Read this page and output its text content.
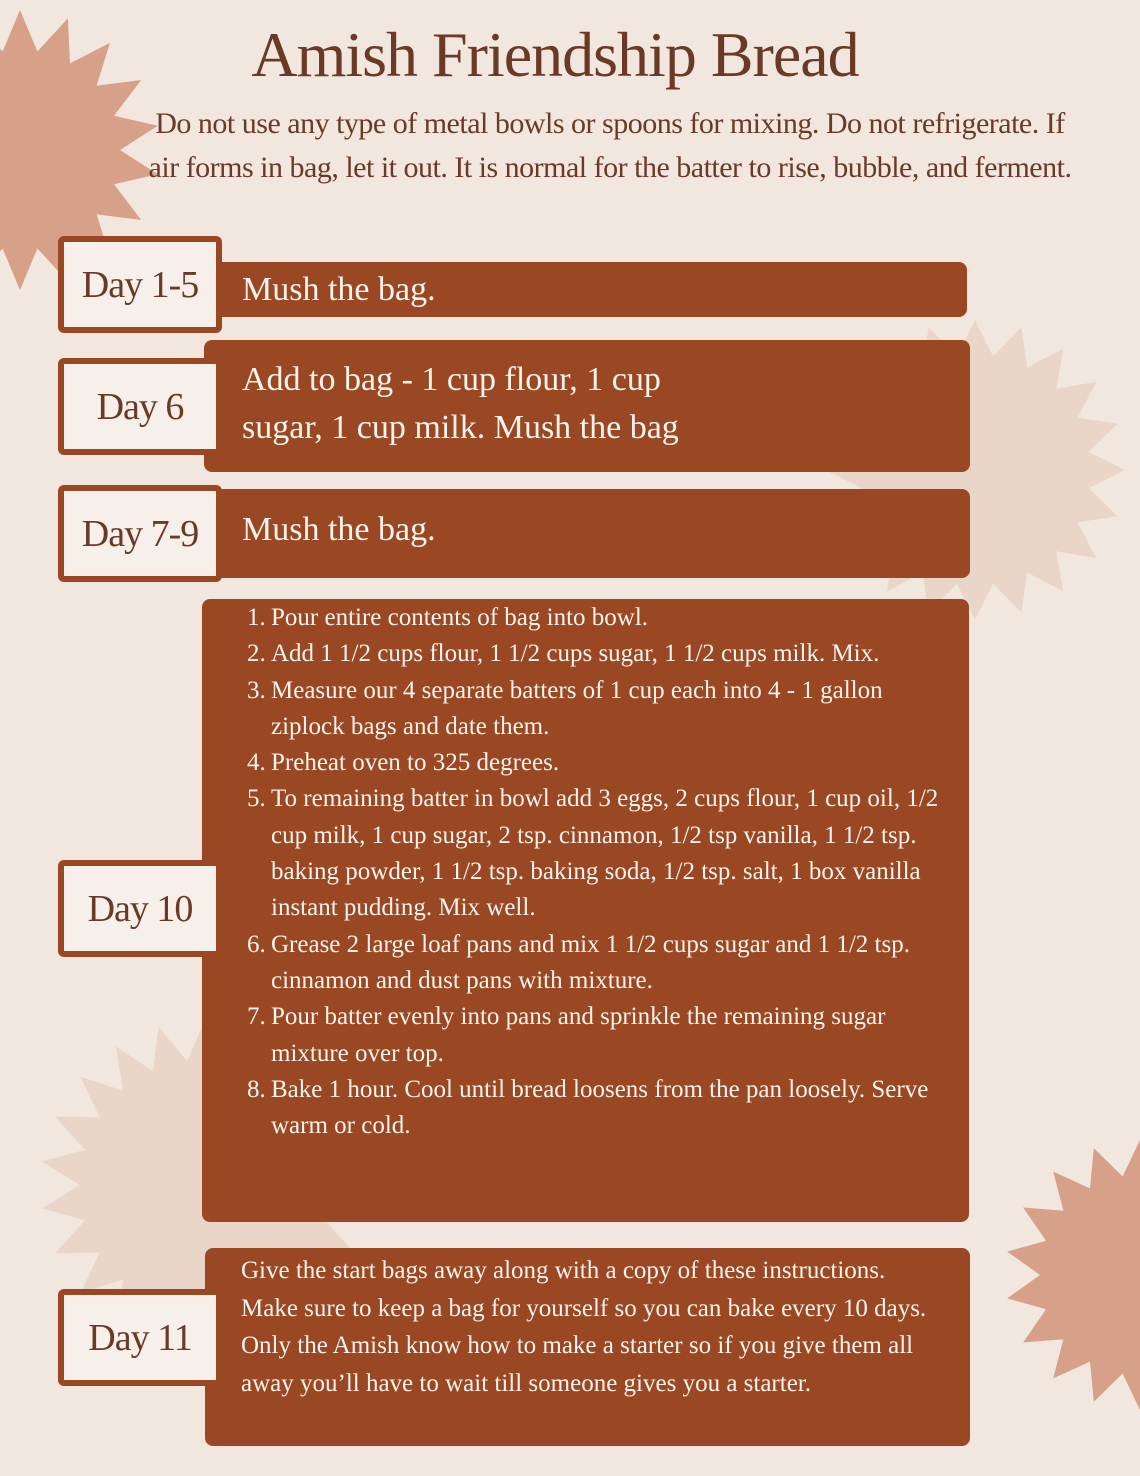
Amish Friendship Bread
Do not use any type of metal bowls or spoons for mixing. Do not refrigerate. If air forms in bag, let it out. It is normal for the batter to rise, bubble, and ferment.
Mush the bag.
Day 1-5
Add to bag - 1 cup flour, 1 cup
sugar, 1 cup milk. Mush the bag
Day 6
Mush the bag.
Day 7-9
1. Pour entire contents of bag into bowl.
2. Add 1 1/2 cups flour, 1 1/2 cups sugar, 1 1/2 cups milk. Mix.
3. Measure our 4 separate batters of 1 cup each into 4 - 1 gallon ziplock bags and date them.
4. Preheat oven to 325 degrees.
5. To remaining batter in bowl add 3 eggs, 2 cups flour, 1 cup oil, 1/2 cup milk, 1 cup sugar, 2 tsp. cinnamon, 1/2 tsp vanilla, 1 1/2 tsp. baking powder, 1 1/2 tsp. baking soda, 1/2 tsp. salt, 1 box vanilla instant pudding. Mix well.
6. Grease 2 large loaf pans and mix 1 1/2 cups sugar and 1 1/2 tsp. cinnamon and dust pans with mixture.
7. Pour batter evenly into pans and sprinkle the remaining sugar mixture over top.
8. Bake 1 hour. Cool until bread loosens from the pan loosely. Serve warm or cold.
Day 10
Give the start bags away along with a copy of these instructions. Make sure to keep a bag for yourself so you can bake every 10 days. Only the Amish know how to make a starter so if you give them all away you’ll have to wait till someone gives you a starter.
Day 11
